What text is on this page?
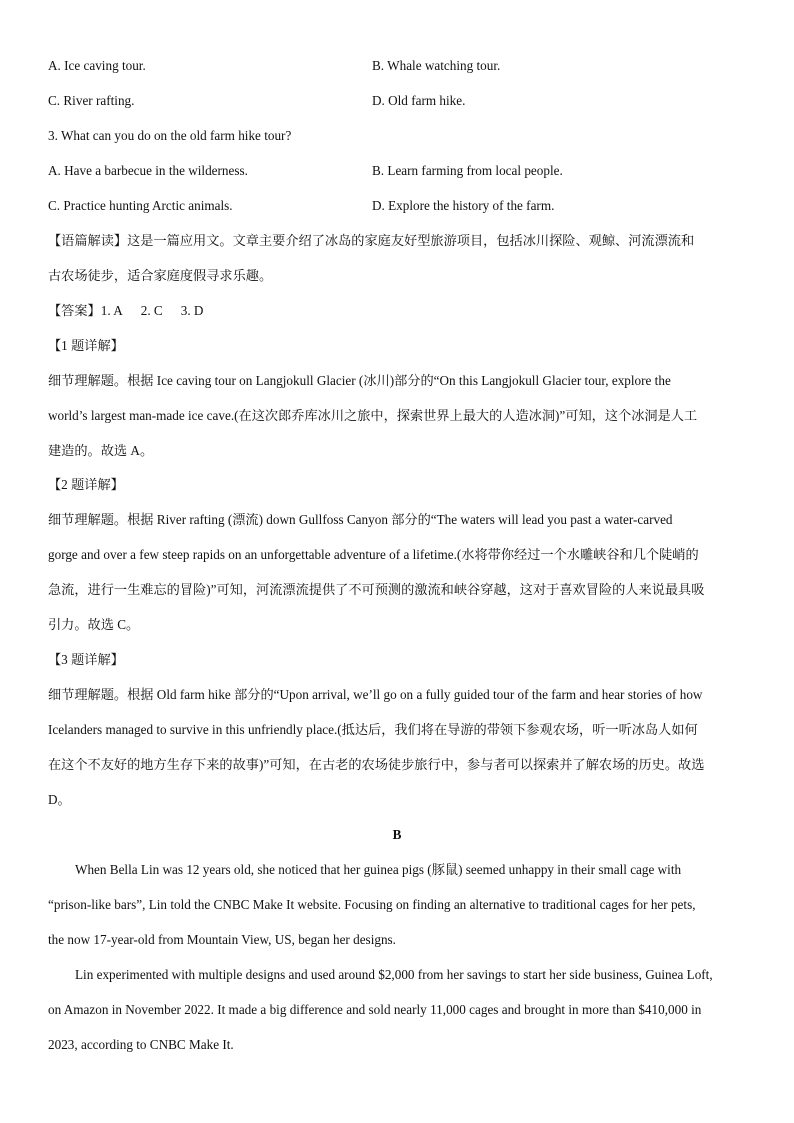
A. Ice caving tour.	B. Whale watching tour.
C. River rafting.	D. Old farm hike.
3. What can you do on the old farm hike tour?
A. Have a barbecue in the wilderness.	B. Learn farming from local people.
C. Practice hunting Arctic animals.	D. Explore the history of the farm.
【语篇解读】这是一篇应用文。文章主要介绍了冰岛的家庭友好型旅游项目，包括冰川探险、观鲸、河流漂流和
古农场徒步，适合家庭度假寻求乐趣。
【答案】1. A 2. C 3. D
【1 题详解】
细节理解题。根据 Ice caving tour on Langjokull Glacier (冰川)部分的“On this Langjokull Glacier tour, explore the
world’s largest man-made ice cave.(在这次郎乔库冰川之旅中，探索世界上最大的人造冰洞)”可知，这个冰洞是人工
建造的。故选 A。
【2 题详解】
细节理解题。根据 River rafting (漂流) down Gullfoss Canyon 部分的“The waters will lead you past a water-carved
gorge and over a few steep rapids on an unforgettable adventure of a lifetime.(水将带你经过一个水雕峡谷和几个陡峭的
急流，进行一生难忘的冒险)”可知，河流漂流提供了不可预测的激流和峡谷穿越，这对于喜欢冒险的人来说最具吸
引力。故选 C。
【3 题详解】
细节理解题。根据 Old farm hike 部分的“Upon arrival, we’ll go on a fully guided tour of the farm and hear stories of how
Icelanders managed to survive in this unfriendly place.(抵达后，我们将在导游的带领下参观农场，听一听冰岛人如何
在这个不友好的地方生存下来的故事)”可知，在古老的农场徒步旅行中，参与者可以探索并了解农场的历史。故选
D。
B
When Bella Lin was 12 years old, she noticed that her guinea pigs (豚鼠) seemed unhappy in their small cage with
“prison-like bars”, Lin told the CNBC Make It website. Focusing on finding an alternative to traditional cages for her pets,
the now 17-year-old from Mountain View, US, began her designs.
Lin experimented with multiple designs and used around $2,000 from her savings to start her side business, Guinea Loft,
on Amazon in November 2022. It made a big difference and sold nearly 11,000 cages and brought in more than $410,000 in
2023, according to CNBC Make It.
